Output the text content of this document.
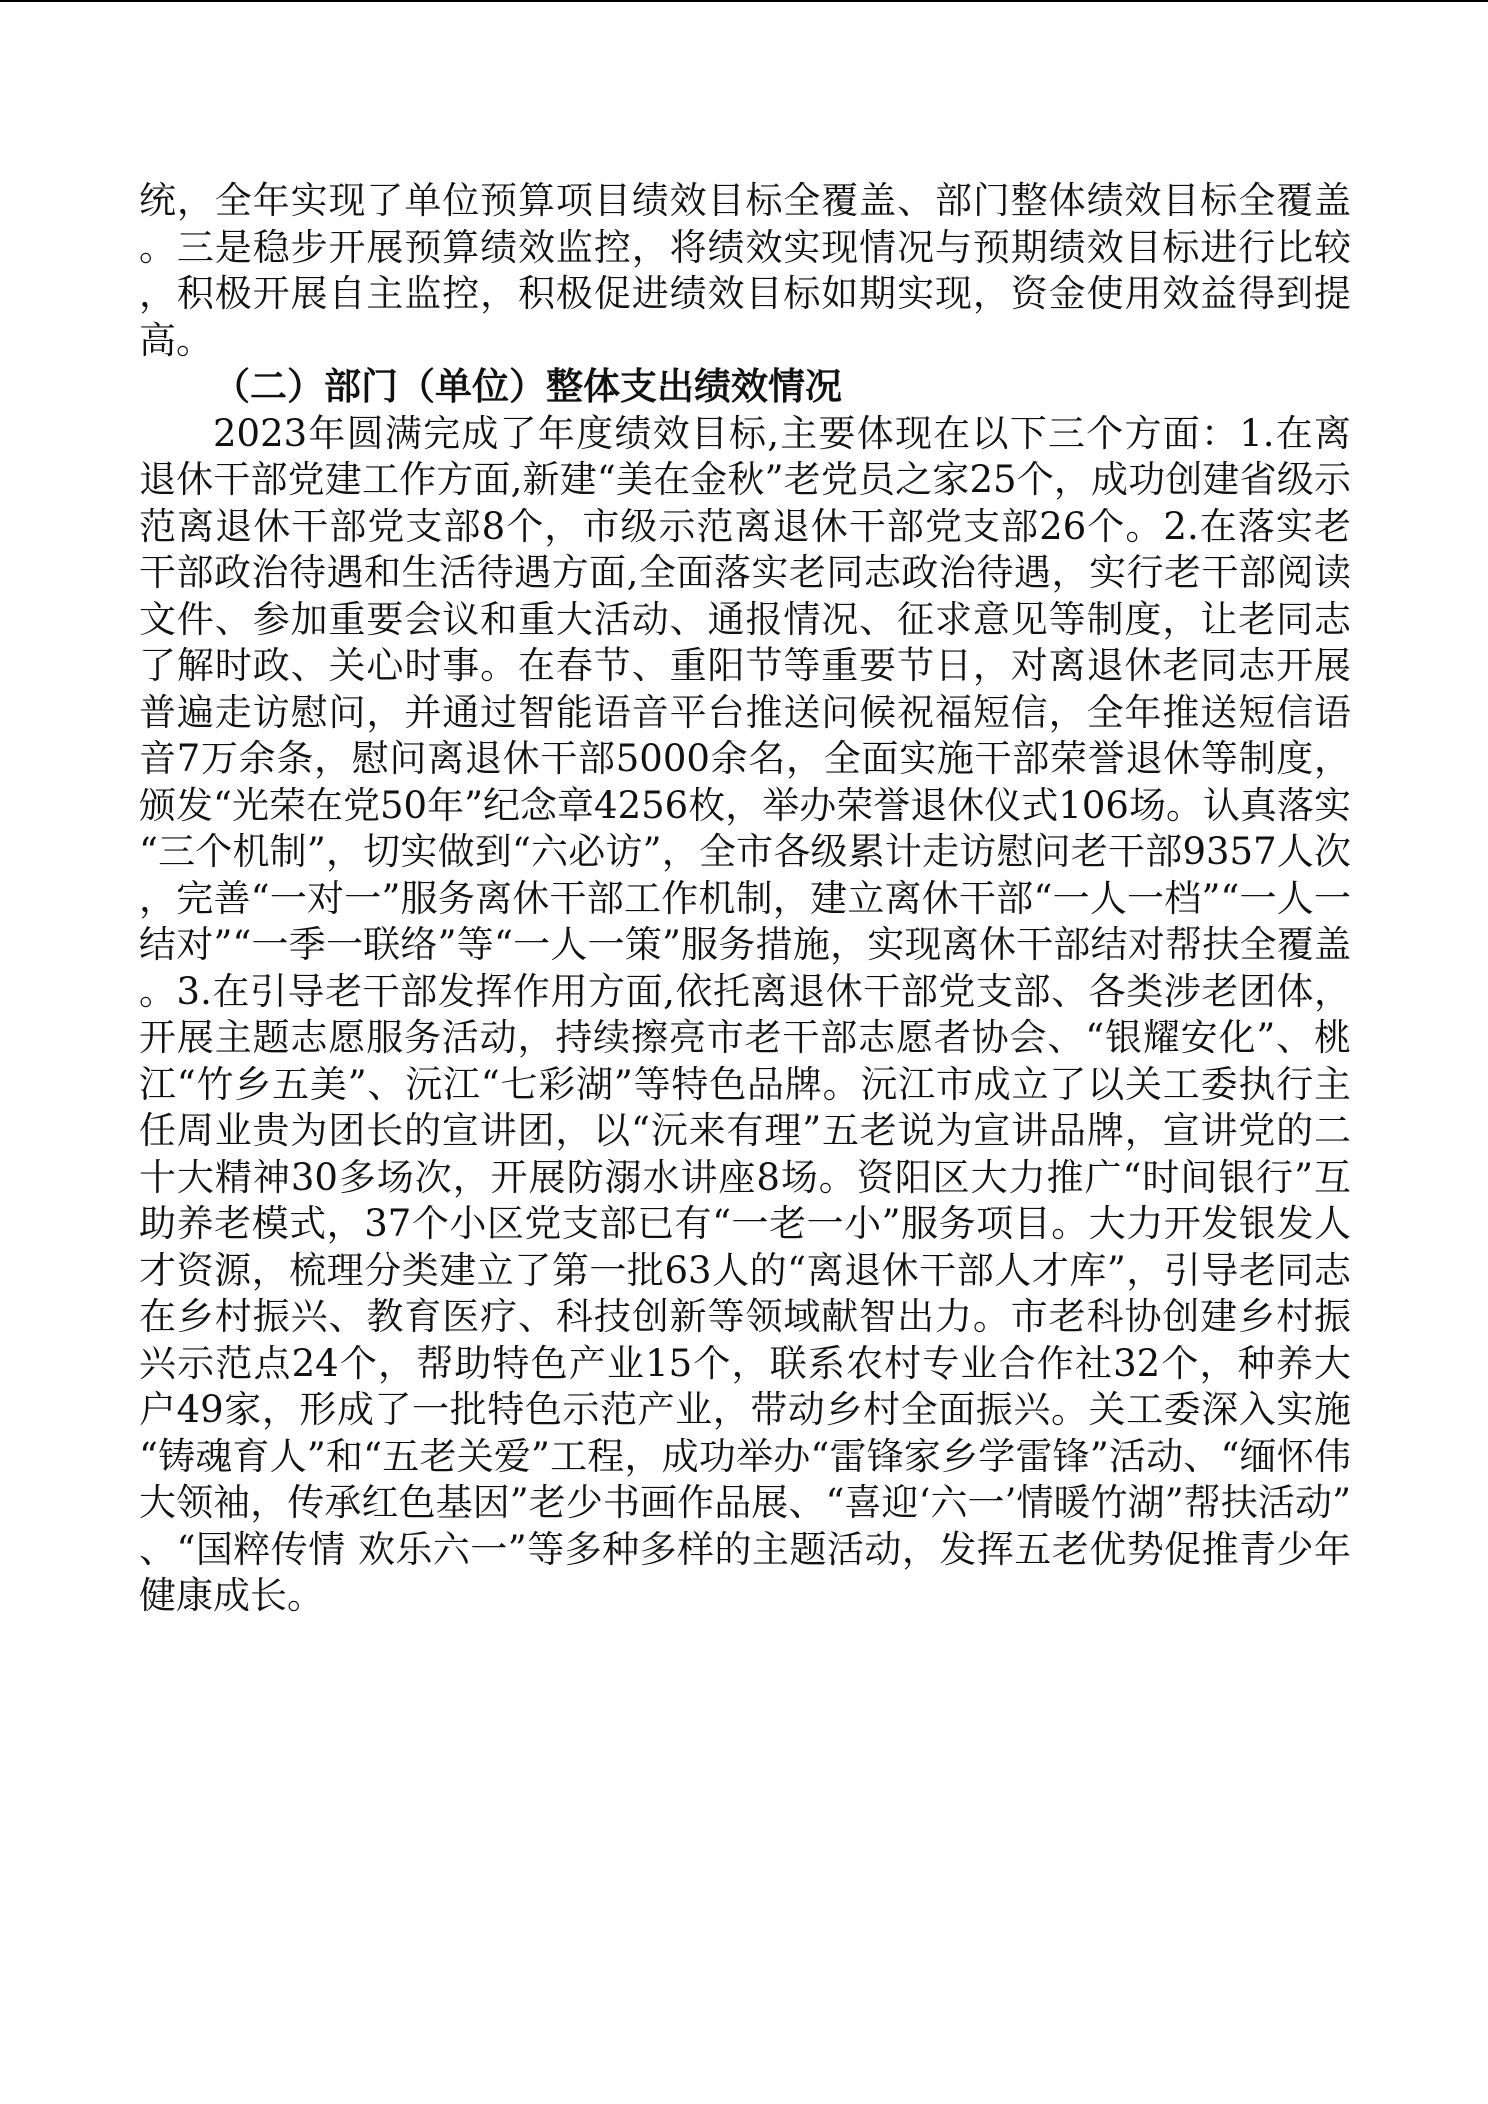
统，全年实现了单位预算项目绩效目标全覆盖、部门整体绩效目标全覆盖。三是稳步开展预算绩效监控，将绩效实现情况与预期绩效目标进行比较，积极开展自主监控，积极促进绩效目标如期实现，资金使用效益得到提高。

（二）部门（单位）整体支出绩效情况

2023年圆满完成了年度绩效目标,主要体现在以下三个方面：1.在离退休干部党建工作方面,新建“美在金秋”老党员之家25个，成功创建省级示范离退休干部党支部8个，市级示范离退休干部党支部26个。2.在落实老干部政治待遇和生活待遇方面,全面落实老同志政治待遇，实行老干部阅读文件、参加重要会议和重大活动、通报情况、征求意见等制度，让老同志了解时政、关心时事。在春节、重阳节等重要节日，对离退休老同志开展普遍走访慰问，并通过智能语音平台推送问候祝福短信，全年推送短信语音7万余条，慰问离退休干部5000余名，全面实施干部荣誉退休等制度，颁发“光荣在党50年”纪念章4256枚，举办荣誉退休仪式106场。认真落实“三个机制”，切实做到“六必访”，全市各级累计走访慰问老干部9357人次，完善“一对一”服务离休干部工作机制，建立离休干部“一人一档”“一人一结对”“一季一联络”等“一人一策”服务措施，实现离休干部结对帮扶全覆盖。3.在引导老干部发挥作用方面,依托离退休干部党支部、各类涉老团体，开展主题志愿服务活动，持续擦亮市老干部志愿者协会、“银耀安化”、桃江“竹乡五美”、沅江“七彩湖”等特色品牌。沅江市成立了以关工委执行主任周业贵为团长的宣讲团，以“沅来有理”五老说为宣讲品牌，宣讲党的二十大精神30多场次，开展防溺水讲座8场。资阳区大力推广“时间银行”互助养老模式，37个小区党支部已有“一老一小”服务项目。大力开发银发人才资源，梳理分类建立了第一批63人的“离退休干部人才库”，引导老同志在乡村振兴、教育医疗、科技创新等领域献智出力。市老科协创建乡村振兴示范点24个，帮助特色产业15个，联系农村专业合作社32个，种养大户49家，形成了一批特色示范产业，带动乡村全面振兴。关工委深入实施“铸魂育人”和“五老关爱”工程，成功举办“雷锋家乡学雷锋”活动、“缅怀伟大领袖，传承红色基因”老少书画作品展、“喜迎‘六一’情暖竹湖”帮扶活动”、“国粹传情 欢乐六一”等多种多样的主题活动，发挥五老优势促推青少年健康成长。
